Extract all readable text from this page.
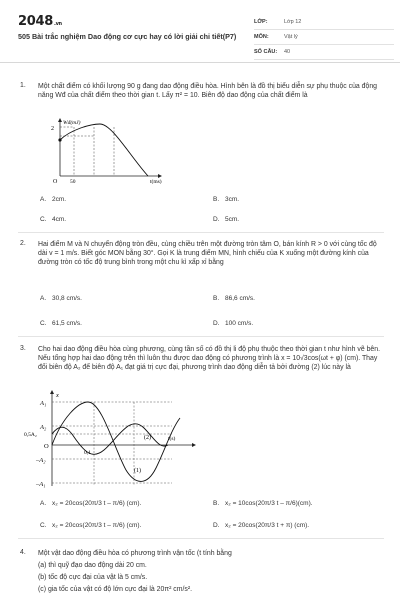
2048.vn
505 Bài trắc nghiệm Dao động cơ cực hay có lời giải chi tiết(P7)
LỚP:	Lớp 12
MÔN:	Vật lý
SỐ CÂU:	40
1. Một chất điểm có khối lượng 90 g đang dao động điều hòa. Hình bên là đồ thị biểu diễn sự phụ thuộc của động năng Wđ của chất điểm theo thời gian t. Lấy π² = 10. Biên độ dao động của chất điểm là
2
Wđ(mJ)
O 50	t(ms)
A. 2cm.	B. 3cm.
C. 4cm.	D. 5cm.
2. Hai điểm M và N chuyển động tròn đều, cùng chiều trên một đường tròn tâm O, bán kính R > 0 với cùng tốc độ dài v = 1 m/s. Biết góc MON bằng 30°. Gọi K là trung điểm MN, hình chiếu của K xuống một đường kính của đường tròn có tốc độ trung bình trong một chu kì xấp xỉ bằng
A. 30,8 cm/s.	B. 86,6 cm/s.
C. 61,5 cm/s.	D. 100 cm/s.
3. Cho hai dao động điều hòa cùng phương, cùng tần số có đồ thị li độ phụ thuộc theo thời gian t như hình vẽ bên. Nếu tổng hợp hai dao động trên thì luôn thu được dao động có phương trình là x = 10√3cos(ωt + φ) (cm). Thay đổi biên độ A₂ để biên độ A₁ đạt giá trị cực đại, phương trình dao động diễn tả bởi đường (2) lúc này là
x
A₁
A₂
0,5A₂
O
–A₂
–A₁
0,1
(2)	t(s)
(1)
A. x₂ = 20cos(20π/3 t – π/6) (cm).	B. x₂ = 10cos(20π/3 t – π/6)(cm).
C. x₂ = 20cos(20π/3 t – π/6) (cm).	D. x₂ = 20cos(20π/3 t + π) (cm).
4. Một vật dao động điều hòa có phương trình vận tốc (t tính bằng
(a) thì quỹ đạo dao động dài 20 cm.
(b) tốc độ cực đại của vật là 5 cm/s.
(c) gia tốc của vật có độ lớn cực đại là 20π² cm/s².
